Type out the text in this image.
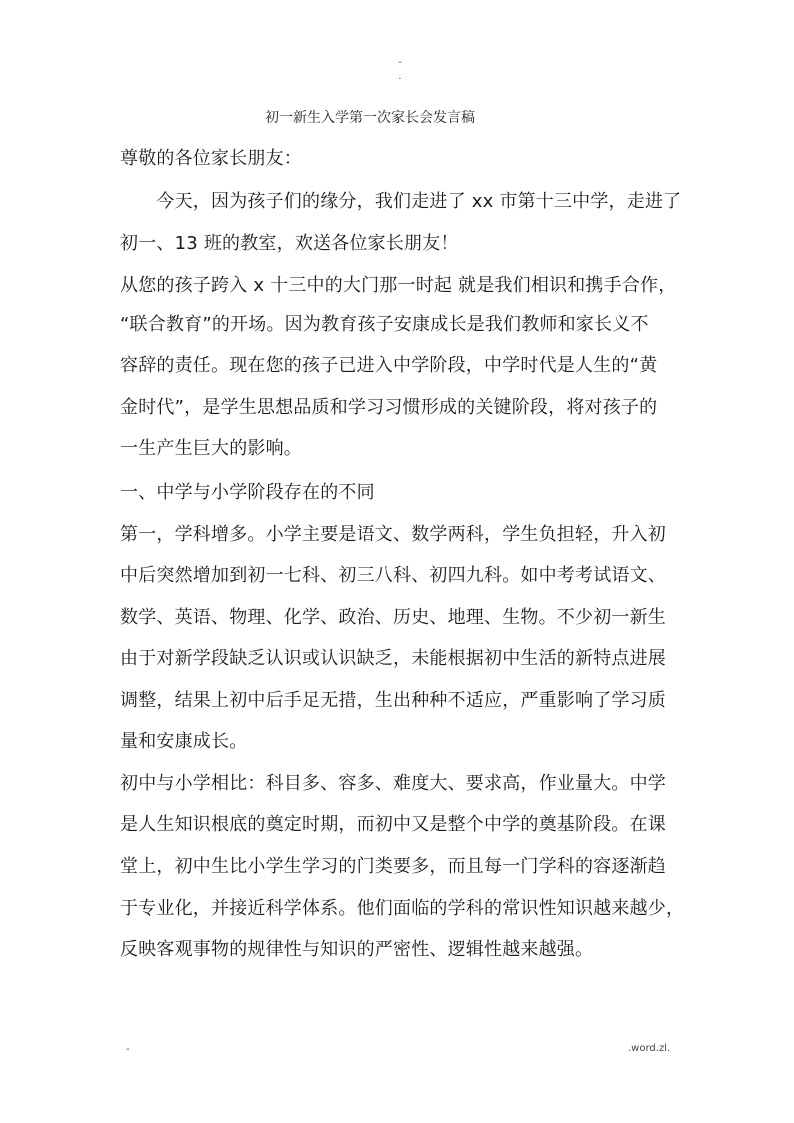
-
.
初一新生入学第一次家长会发言稿
尊敬的各位家长朋友：
　　今天，因为孩子们的缘分，我们走进了 xx 市第十三中学，走进了
初一、13 班的教室，欢送各位家长朋友！
从您的孩子跨入 x 十三中的大门那一时起 就是我们相识和携手合作，
“联合教育”的开场。因为教育孩子安康成长是我们教师和家长义不
容辞的责任。现在您的孩子已进入中学阶段，中学时代是人生的“黄
金时代”，是学生思想品质和学习习惯形成的关键阶段，将对孩子的
一生产生巨大的影响。
一、中学与小学阶段存在的不同
第一，学科增多。小学主要是语文、数学两科，学生负担轻，升入初
中后突然增加到初一七科、初三八科、初四九科。如中考考试语文、
数学、英语、物理、化学、政治、历史、地理、生物。不少初一新生
由于对新学段缺乏认识或认识缺乏，未能根据初中生活的新特点进展
调整，结果上初中后手足无措，生出种种不适应，严重影响了学习质
量和安康成长。
初中与小学相比：科目多、容多、难度大、要求高，作业量大。中学
是人生知识根底的奠定时期，而初中又是整个中学的奠基阶段。在课
堂上，初中生比小学生学习的门类要多，而且每一门学科的容逐渐趋
于专业化，并接近科学体系。他们面临的学科的常识性知识越来越少，
反映客观事物的规律性与知识的严密性、逻辑性越来越强。
-	.word.zl.
